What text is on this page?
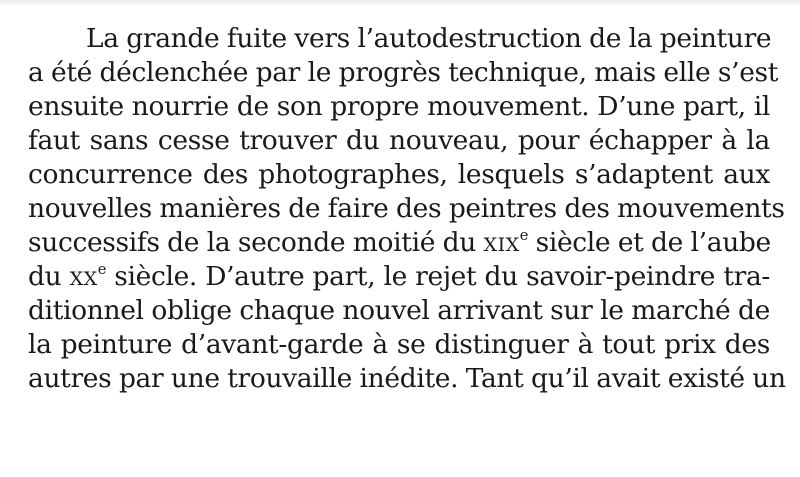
La grande fuite vers l’autodestruction de la peinture
a été déclenchée par le progrès technique, mais elle s’est
ensuite nourrie de son propre mouvement. D’une part, il
faut sans cesse trouver du nouveau, pour échapper à la
concurrence des photographes, lesquels s’adaptent aux
nouvelles manières de faire des peintres des mouvements
successifs de la seconde moitié du XIXe siècle et de l’aube
du XXe siècle. D’autre part, le rejet du savoir-peindre tra-
ditionnel oblige chaque nouvel arrivant sur le marché de
la peinture d’avant-garde à se distinguer à tout prix des
autres par une trouvaille inédite. Tant qu’il avait existé un
